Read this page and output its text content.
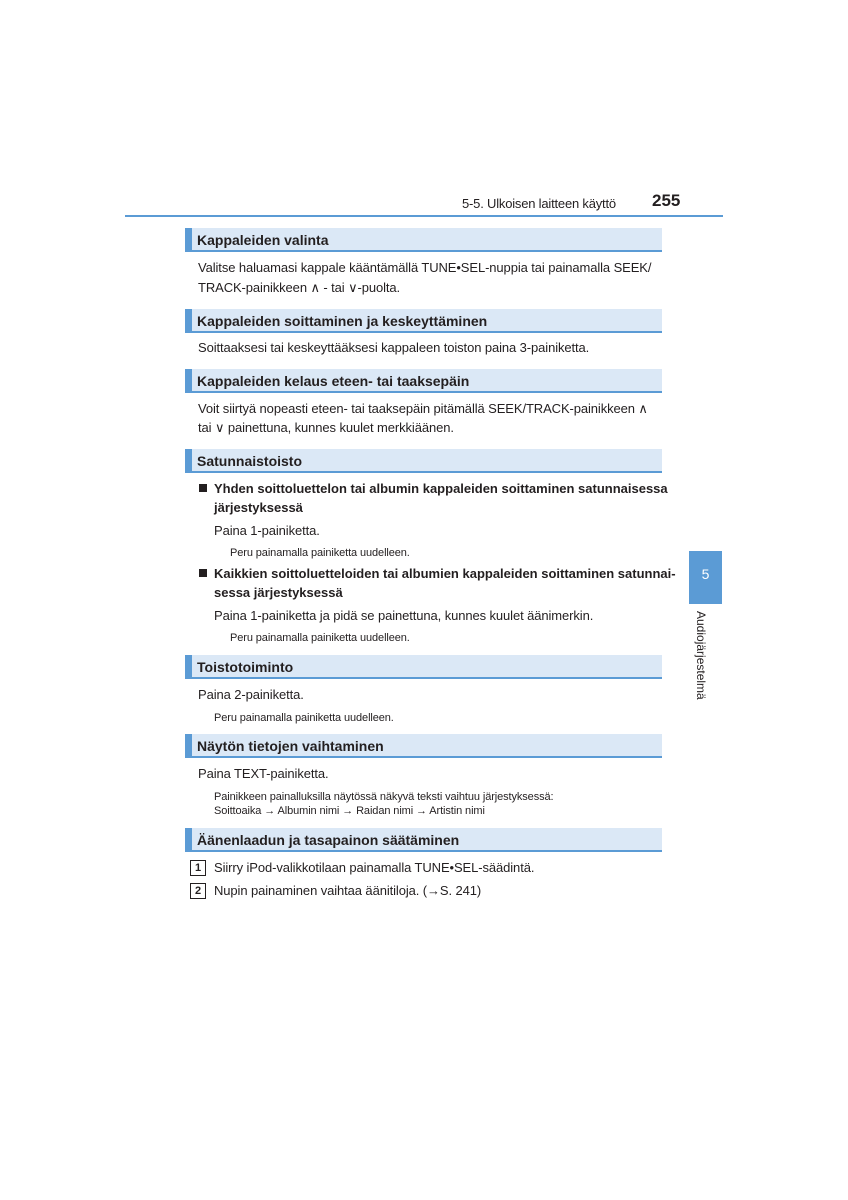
5-5. Ulkoisen laitteen käyttö 255
5
Audiojärjestelmä
Kappaleiden valinta
Valitse haluamasi kappale kääntämällä TUNE•SEL-nuppia tai painamalla SEEK/
TRACK-painikkeen ∧ - tai ∨-puolta.
Kappaleiden soittaminen ja keskeyttäminen
Soittaaksesi tai keskeyttääksesi kappaleen toiston paina 3-painiketta.
Kappaleiden kelaus eteen- tai taaksepäin
Voit siirtyä nopeasti eteen- tai taaksepäin pitämällä SEEK/TRACK-painikkeen ∧
tai ∨ painettuna, kunnes kuulet merkkiäänen.
Satunnaistoisto
Yhden soittoluettelon tai albumin kappaleiden soittaminen satunnaisessa
järjestyksessä
Paina 1-painiketta.
Peru painamalla painiketta uudelleen.
Kaikkien soittoluetteloiden tai albumien kappaleiden soittaminen satunnai-
sessa järjestyksessä
Paina 1-painiketta ja pidä se painettuna, kunnes kuulet äänimerkin.
Peru painamalla painiketta uudelleen.
Toistotoiminto
Paina 2-painiketta.
Peru painamalla painiketta uudelleen.
Näytön tietojen vaihtaminen
Paina TEXT-painiketta.
Painikkeen painalluksilla näytössä näkyvä teksti vaihtuu järjestyksessä:
Soittoaika → Albumin nimi → Raidan nimi → Artistin nimi
Äänenlaadun ja tasapainon säätäminen
1 Siirry iPod-valikkotilaan painamalla TUNE•SEL-säädintä.
2 Nupin painaminen vaihtaa äänitiloja. (→S. 241)
